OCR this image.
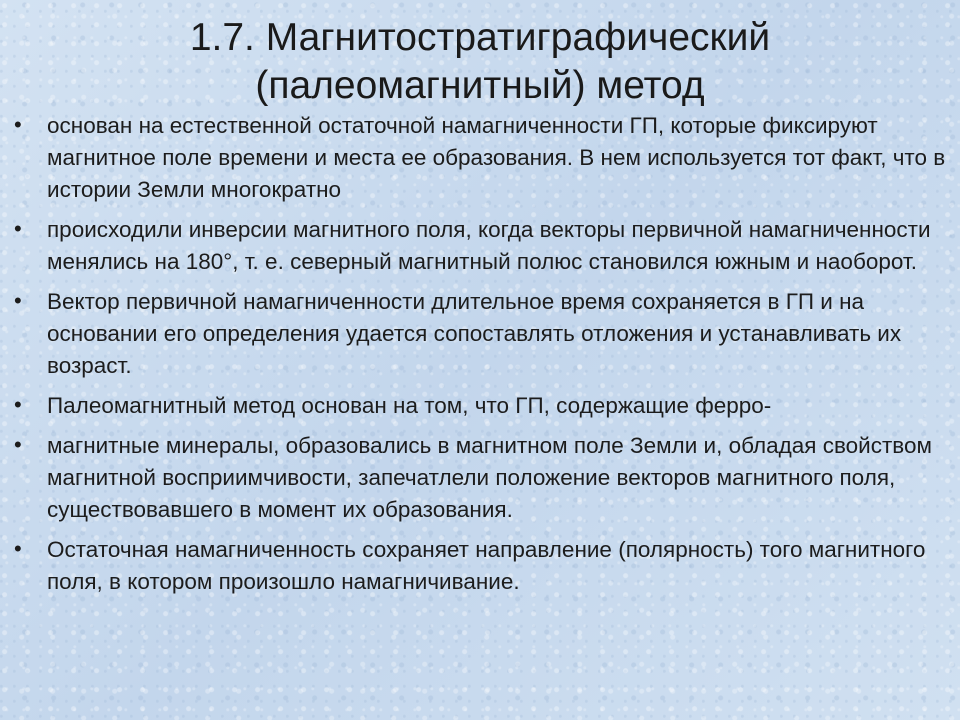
1.7. Магнитостратиграфический
(палеомагнитный) метод
• основан на естественной остаточной намагниченности ГП, которые фиксируют магнитное поле времени и места ее образования. В нем используется тот факт, что в истории Земли многократно
• происходили инверсии магнитного поля, когда векторы первичной намагниченности менялись на 180°, т. е. северный магнитный полюс становился южным и наоборот.
• Вектор первичной намагниченности длительное время сохраняется в ГП и на основании его определения удается сопоставлять отложения и устанавливать их возраст.
• Палеомагнитный метод основан на том, что ГП, содержащие ферро-
• магнитные минералы, образовались в магнитном поле Земли и, обладая свойством магнитной восприимчивости, запечатлели положение векторов магнитного поля, существовавшего в момент их образования.
• Остаточная намагниченность сохраняет направление (полярность) того магнитного поля, в котором произошло намагничивание.
